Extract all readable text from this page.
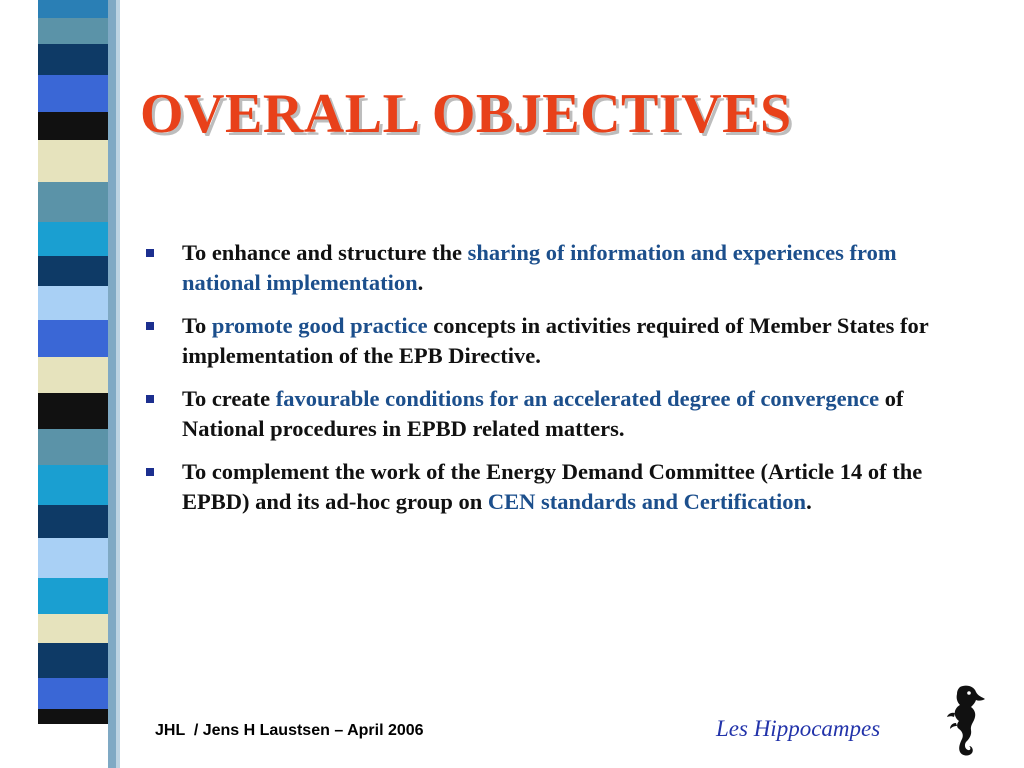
OVERALL OBJECTIVES
To enhance and structure the sharing of information and experiences from national implementation.
To promote good practice concepts in activities required of Member States for implementation of the EPB Directive.
To create favourable conditions for an accelerated degree of convergence of National procedures in EPBD related matters.
To complement the work of the Energy Demand Committee (Article 14 of the EPBD) and its ad-hoc group on CEN standards and Certification.
JHL  / Jens H Laustsen – April 2006	Les Hippocampes
